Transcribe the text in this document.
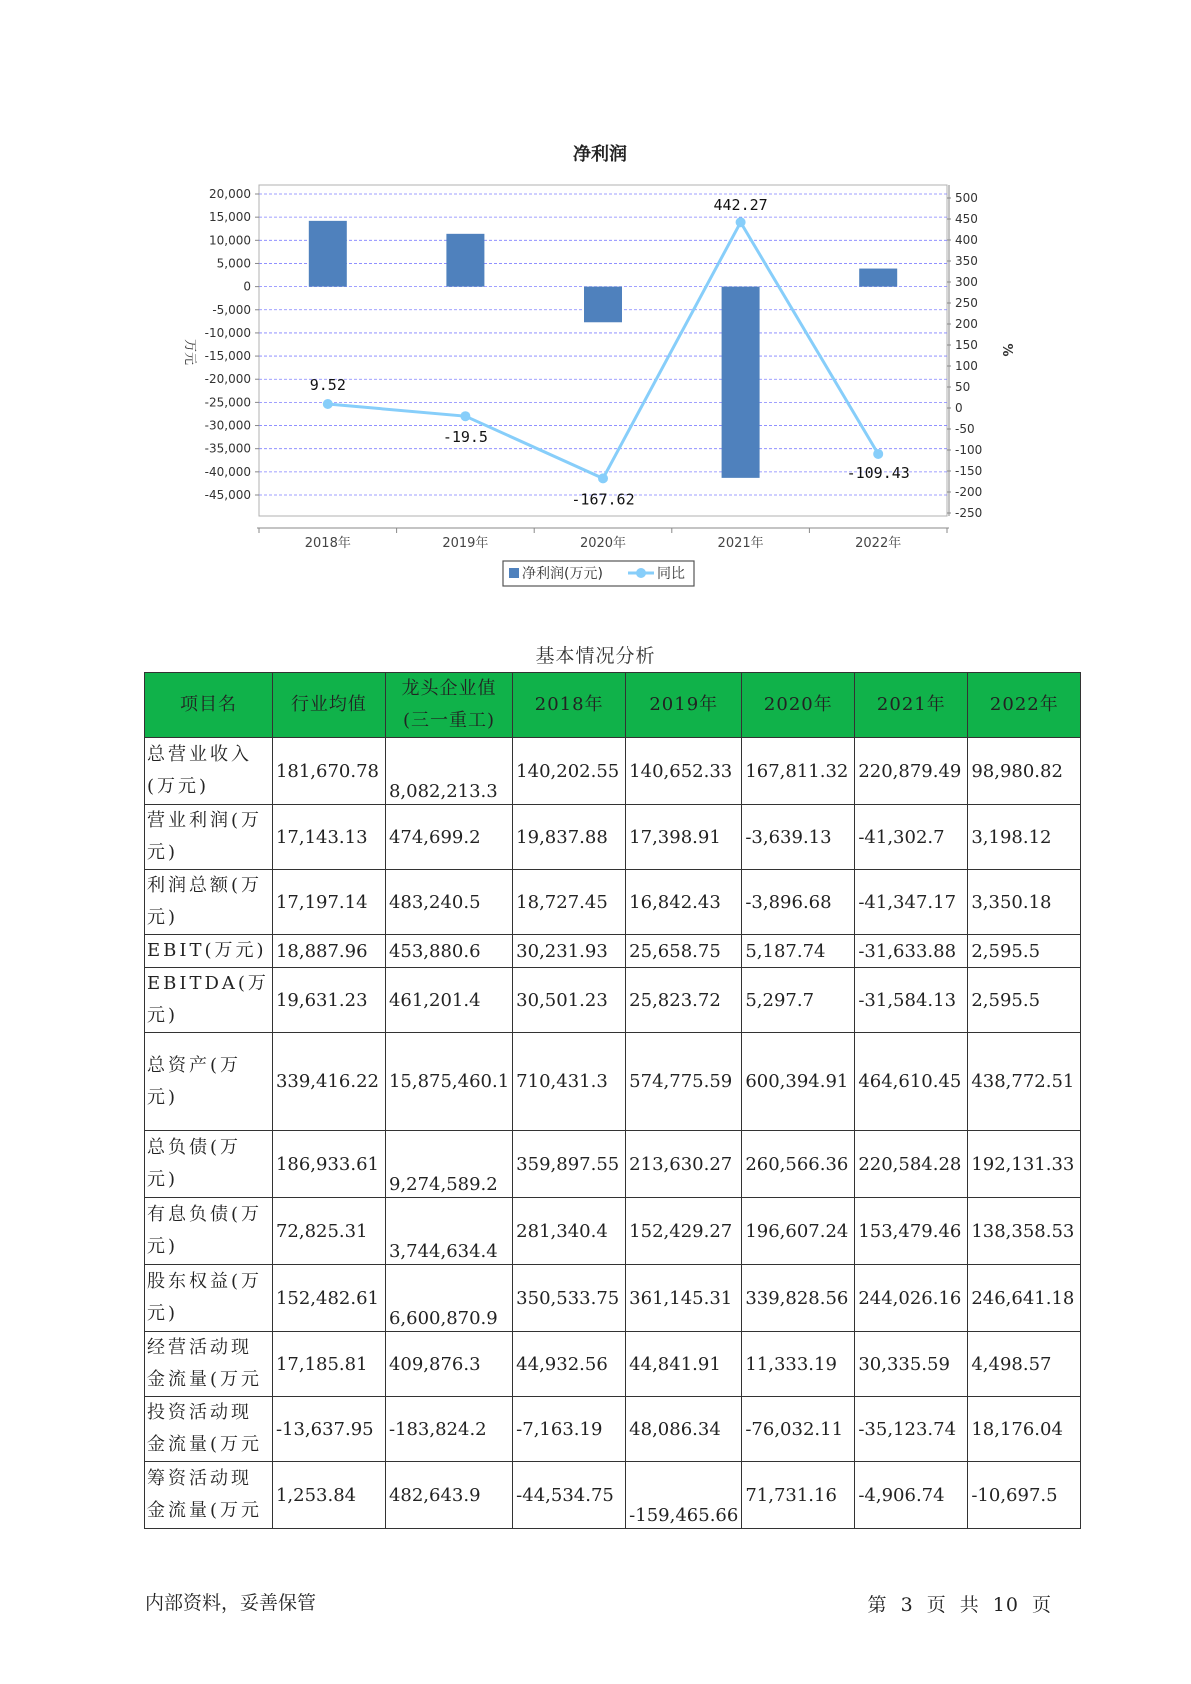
净利润
20,000
15,000
10,000
5,000
0
-5,000
-10,000
-15,000
-20,000
-25,000
-30,000
-35,000
-40,000
-45,000
500
450
400
350
300
250
200
150
100
50
0
-50
-100
-150
-200
-250
万元	%
2018年	2019年	2020年	2021年	2022年
9.52
-19.5
-167.62
442.27
-109.43
净利润(万元)	同比
基本情况分析
项目名	行业均值	龙头企业值(三一重工)	2018年	2019年	2020年	2021年	2022年
总营业收入(万元)	181,670.78	8,082,213.3	140,202.55	140,652.33	167,811.32	220,879.49	98,980.82
营业利润(万元)	17,143.13	474,699.2	19,837.88	17,398.91	-3,639.13	-41,302.7	3,198.12
利润总额(万元)	17,197.14	483,240.5	18,727.45	16,842.43	-3,896.68	-41,347.17	3,350.18
EBIT(万元)	18,887.96	453,880.6	30,231.93	25,658.75	5,187.74	-31,633.88	2,595.5
EBITDA(万元)	19,631.23	461,201.4	30,501.23	25,823.72	5,297.7	-31,584.13	2,595.5
总资产(万元)	339,416.22	15,875,460.1	710,431.3	574,775.59	600,394.91	464,610.45	438,772.51
总负债(万元)	186,933.61	9,274,589.2	359,897.55	213,630.27	260,566.36	220,584.28	192,131.33
有息负债(万元)	72,825.31	3,744,634.4	281,340.4	152,429.27	196,607.24	153,479.46	138,358.53
股东权益(万元)	152,482.61	6,600,870.9	350,533.75	361,145.31	339,828.56	244,026.16	246,641.18
经营活动现金流量(万元	17,185.81	409,876.3	44,932.56	44,841.91	11,333.19	30,335.59	4,498.57
投资活动现金流量(万元	-13,637.95	-183,824.2	-7,163.19	48,086.34	-76,032.11	-35,123.74	18,176.04
筹资活动现金流量(万元	1,253.84	482,643.9	-44,534.75	-159,465.66	71,731.16	-4,906.74	-10,697.5
内部资料，妥善保管	第 3 页 共 10 页
